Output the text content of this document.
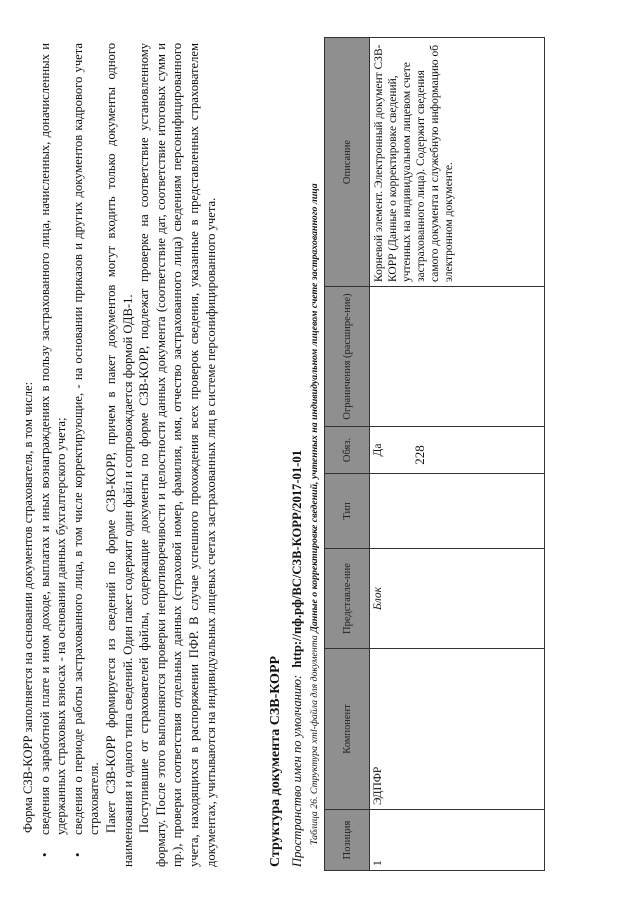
228

Форма СЗВ-КОРР заполняется на основании документов страхователя, в том числе:

•
сведения о заработной плате и ином доходе, выплатах и иных вознаграждениях в пользу застрахованного лица, начисленных, доначисленных и удержанных страховых взносах - на основании данных бухгалтерского учета;
•
сведения о периоде работы застрахованного лица, в том числе корректирующие, - на основании приказов и других документов кадрового учета страхователя. Пакет СЗВ-КОРР формируется из сведений по форме СЗВ-КОРР, причем в пакет документов могут входить только документы одного наименования и одного типа сведений. Один пакет содержит один файл и сопровождается формой ОДВ-1. Поступившие от страхователей файлы, содержащие документы по форме СЗВ-КОРР, подлежат проверке на соответствие установленному формату. После этого выполняются проверки непротиворечивости и целостности данных документа (соответствие дат, соответствие итоговых сумм и пр.), проверки соответствия отдельных данных (страховой номер, фамилия, имя, отчество застрахованного лица) сведениям персонифицированного учета, находящихся в распоряжении ПФР. В случае успешного прохождения всех проверок сведения, указанные в представленных страхователем документах, учитываются на индивидуальных лицевых счетах застрахованных лиц в системе персонифицированного учета.	Структура документа СЗВ-КОРР Пространство имен по умолчанию: http://пф.рф/ВС/СЗВ-КОРР/2017-01-01
Таблица 26. Структура xml-файла для документа Данные о корректировке сведений, учтенных на индивидуальном лицевом счете застрахованного лица
Позиция	Компонент	Представле-ние	Тип	Обяз.	Ограничения (расшире-ние)	Описание
1	ЭДПФР	Блок		Да		Корневой элемент. Электронный документ СЗВ-КОРР (Данные о корректировке сведений, учтенных на индивидуальном лицевом счете застрахованного лица). Содержит сведения самого документа и служебную информацию об электронном документе.
